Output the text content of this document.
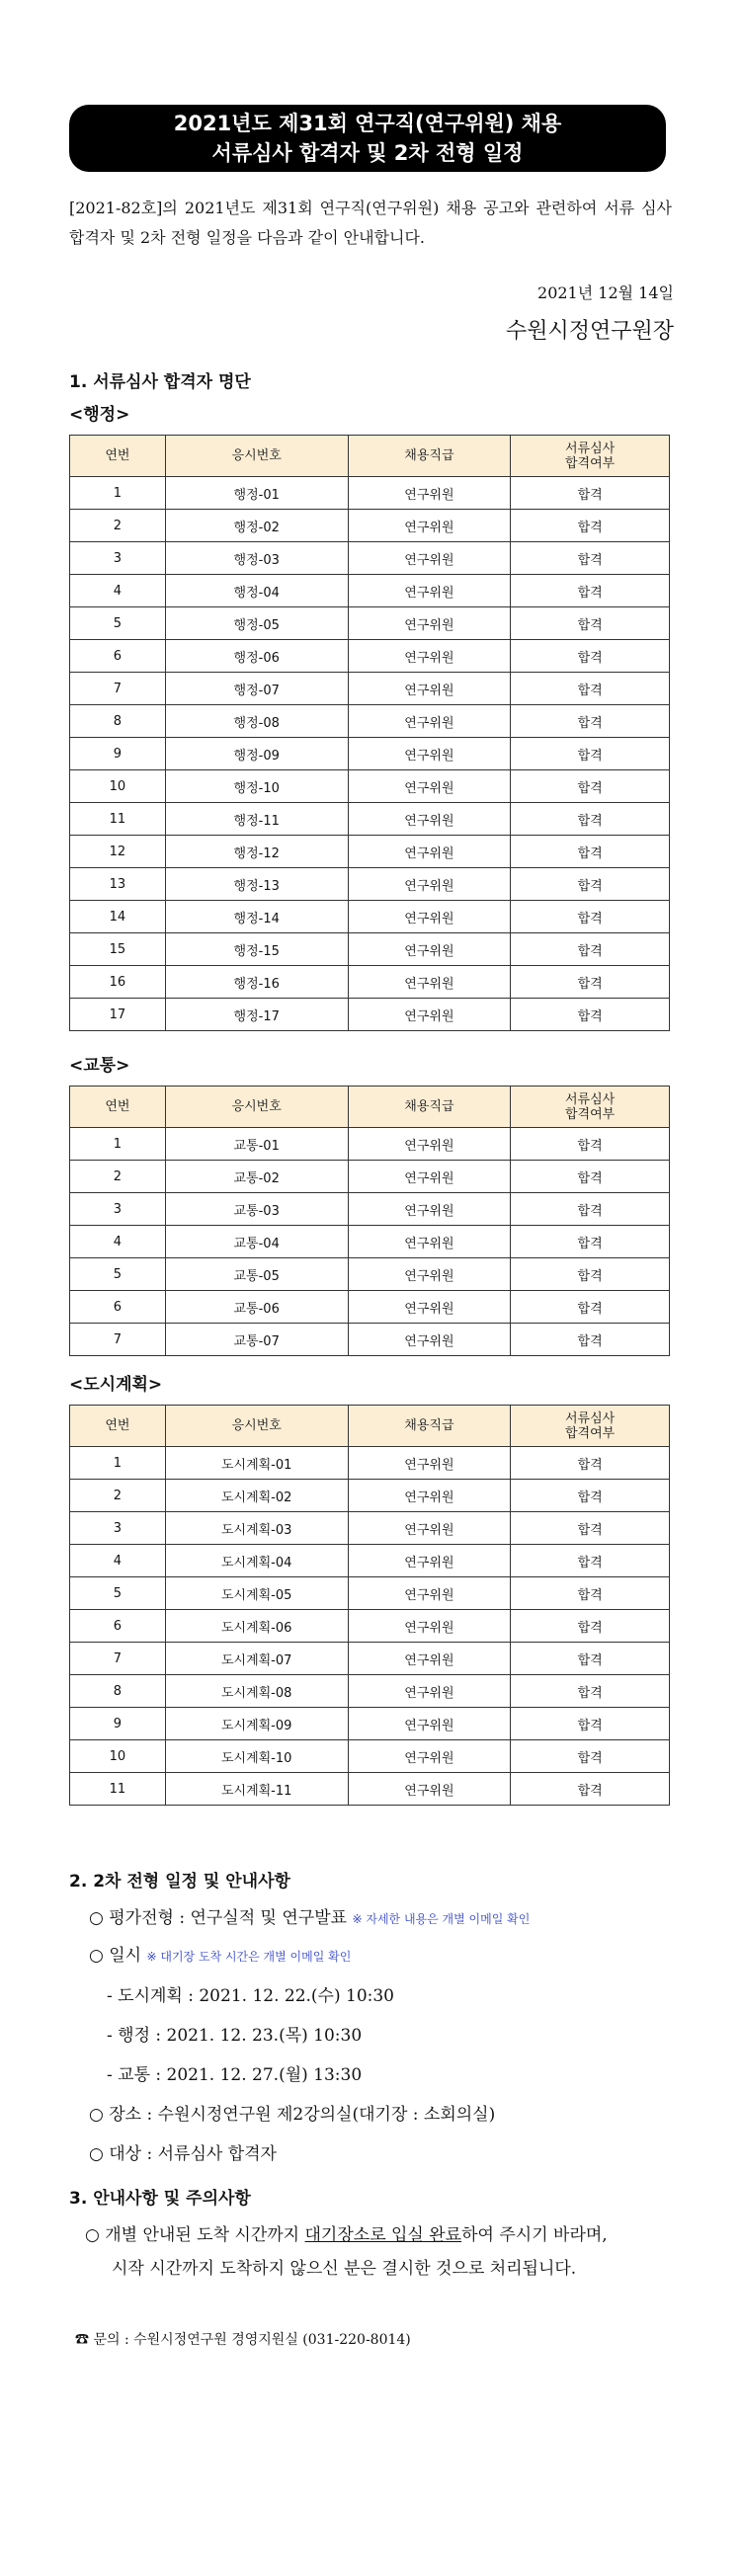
2021년도 제31회 연구직(연구위원) 채용
서류심사 합격자 및 2차 전형 일정
[2021-82호]의 2021년도 제31회 연구직(연구위원) 채용 공고와 관련하여 서류 심사 합격자 및 2차 전형 일정을 다음과 같이 안내합니다.
2021년 12월 14일
수원시정연구원장
1. 서류심사 합격자 명단
<행정>
연번	응시번호	채용직급	서류심사
합격여부

1	행정-01	연구위원	합격
2	행정-02	연구위원	합격
3	행정-03	연구위원	합격
4	행정-04	연구위원	합격
5	행정-05	연구위원	합격
6	행정-06	연구위원	합격
7	행정-07	연구위원	합격
8	행정-08	연구위원	합격
9	행정-09	연구위원	합격
10	행정-10	연구위원	합격
11	행정-11	연구위원	합격
12	행정-12	연구위원	합격
13	행정-13	연구위원	합격
14	행정-14	연구위원	합격
15	행정-15	연구위원	합격
16	행정-16	연구위원	합격
17	행정-17	연구위원	합격
<교통>
연번	응시번호	채용직급	서류심사
합격여부

1	교통-01	연구위원	합격
2	교통-02	연구위원	합격
3	교통-03	연구위원	합격
4	교통-04	연구위원	합격
5	교통-05	연구위원	합격
6	교통-06	연구위원	합격
7	교통-07	연구위원	합격
<도시계획>
연번	응시번호	채용직급	서류심사
합격여부

1	도시계획-01	연구위원	합격
2	도시계획-02	연구위원	합격
3	도시계획-03	연구위원	합격
4	도시계획-04	연구위원	합격
5	도시계획-05	연구위원	합격
6	도시계획-06	연구위원	합격
7	도시계획-07	연구위원	합격
8	도시계획-08	연구위원	합격
9	도시계획-09	연구위원	합격
10	도시계획-10	연구위원	합격
11	도시계획-11	연구위원	합격
2. 2차 전형 일정 및 안내사항
○ 평가전형 : 연구실적 및 연구발표 ※ 자세한 내용은 개별 이메일 확인
○ 일시 ※ 대기장 도착 시간은 개별 이메일 확인
- 도시계획 : 2021. 12. 22.(수) 10:30
- 행정 : 2021. 12. 23.(목) 10:30
- 교통 : 2021. 12. 27.(월) 13:30
○ 장소 : 수원시정연구원 제2강의실(대기장 : 소회의실)
○ 대상 : 서류심사 합격자
3. 안내사항 및 주의사항
○ 개별 안내된 도착 시간까지 대기장소로 입실 완료하여 주시기 바라며,
시작 시간까지 도착하지 않으신 분은 결시한 것으로 처리됩니다.
☎ 문의 : 수원시정연구원 경영지원실 (031-220-8014)
